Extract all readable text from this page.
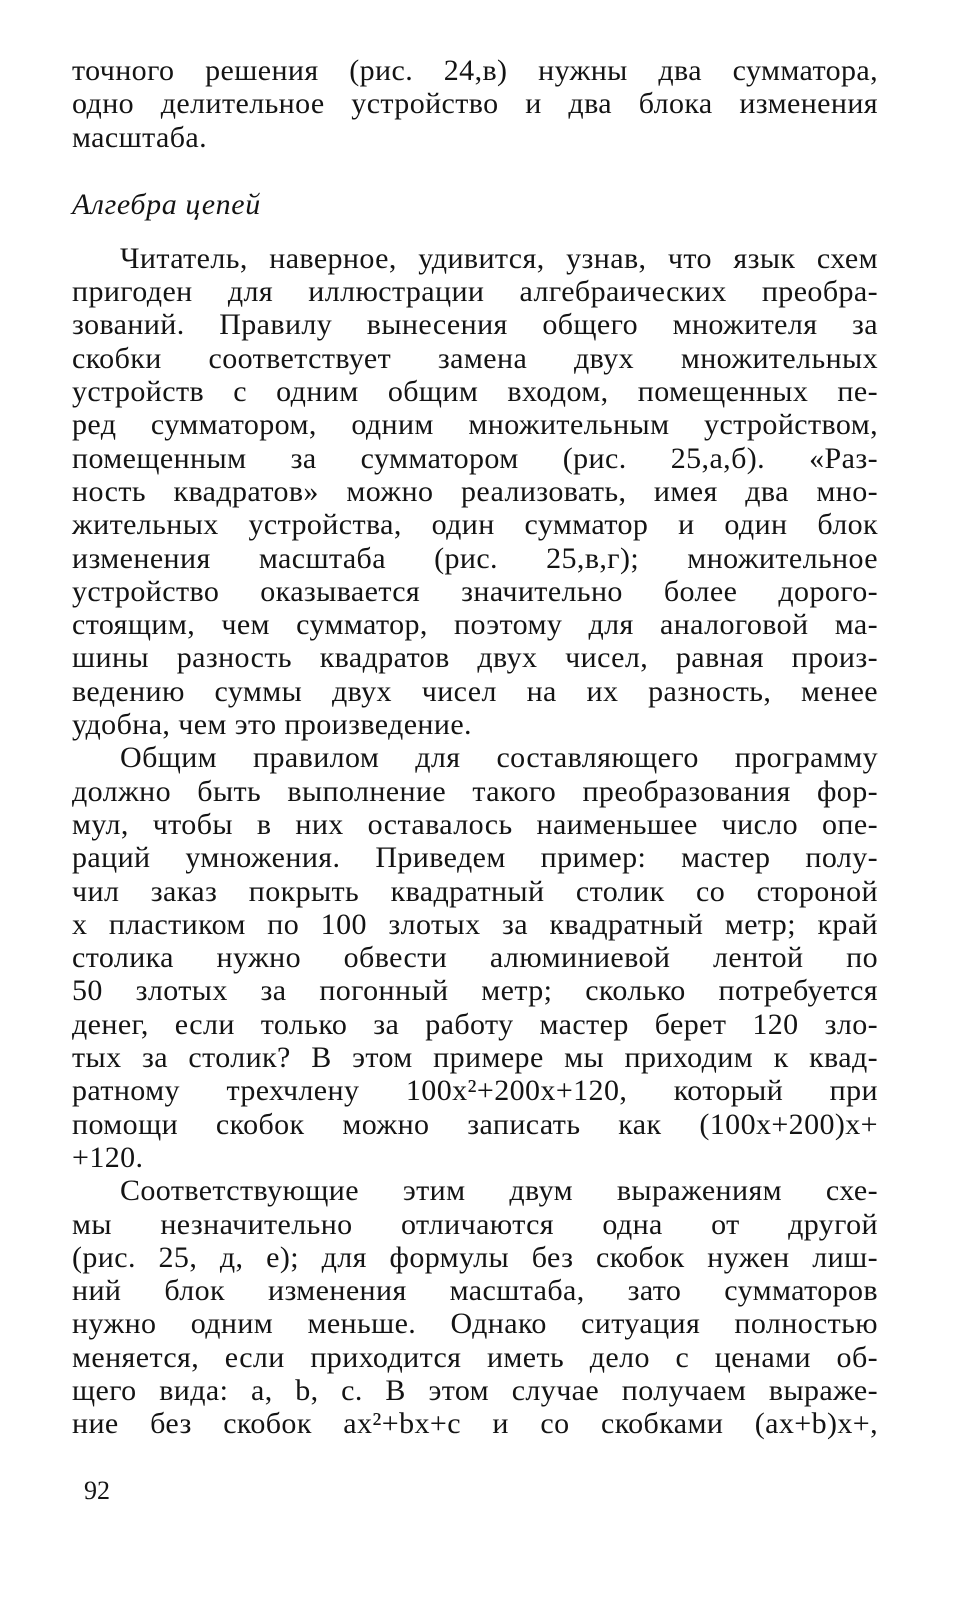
точного решения (рис. 24,в) нужны два сумматора,
одно делительное устройство и два блока изменения
масштаба.
Алгебра цепей
Читатель, наверное, удивится, узнав, что язык схем
пригоден для иллюстрации алгебраических преобра-
зований. Правилу вынесения общего множителя за
скобки соответствует замена двух множительных
устройств с одним общим входом, помещенных пе-
ред сумматором, одним множительным устройством,
помещенным за сумматором (рис. 25,а,б). «Раз-
ность квадратов» можно реализовать, имея два мно-
жительных устройства, один сумматор и один блок
изменения масштаба (рис. 25,в,г); множительное
устройство оказывается значительно более дорого-
стоящим, чем сумматор, поэтому для аналоговой ма-
шины разность квадратов двух чисел, равная произ-
ведению суммы двух чисел на их разность, менее
удобна, чем это произведение.
Общим правилом для составляющего программу
должно быть выполнение такого преобразования фор-
мул, чтобы в них оставалось наименьшее число опе-
раций умножения. Приведем пример: мастер полу-
чил заказ покрыть квадратный столик со стороной
x пластиком по 100 злотых за квадратный метр; край
столика нужно обвести алюминиевой лентой по
50 злотых за погонный метр; сколько потребуется
денег, если только за работу мастер берет 120 зло-
тых за столик? В этом примере мы приходим к квад-
ратному трехчлену 100x²+200x+120, который при
помощи скобок можно записать как (100x+200)x+
+120.
Соответствующие этим двум выражениям схе-
мы незначительно отличаются одна от другой
(рис. 25, д, е); для формулы без скобок нужен лиш-
ний блок изменения масштаба, зато сумматоров
нужно одним меньше. Однако ситуация полностью
меняется, если приходится иметь дело с ценами об-
щего вида: a, b, c. В этом случае получаем выраже-
ние без скобок ax²+bx+c и со скобками (ax+b)x+,
92
